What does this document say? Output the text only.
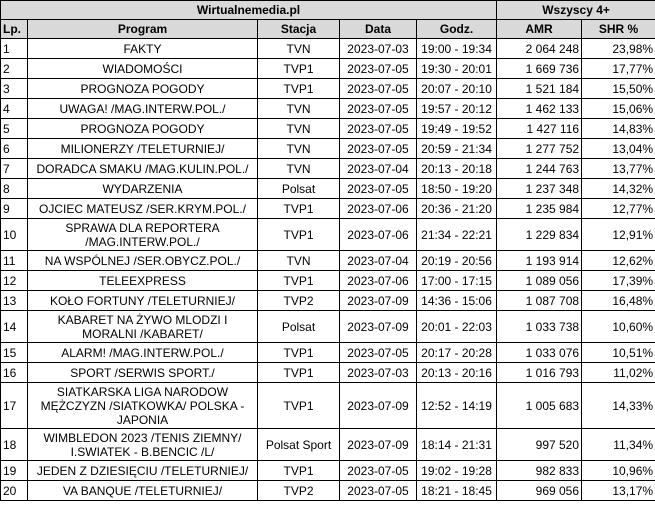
Wirtualnemedia.pl					Wszyscy 4+	
Lp.	Program	Stacja	Data	Godz.	AMR	SHR %
1	FAKTY	TVN	2023-07-03	19:00 - 19:34	2 064 248	23,98%
2	WIADOMOŚCI	TVP1	2023-07-05	19:30 - 20:01	1 669 736	17,77%
3	PROGNOZA POGODY	TVP1	2023-07-05	20:07 - 20:10	1 521 184	15,50%
4	UWAGA! /MAG.INTERW.POL./	TVN	2023-07-05	19:57 - 20:12	1 462 133	15,06%
5	PROGNOZA POGODY	TVN	2023-07-05	19:49 - 19:52	1 427 116	14,83%
6	MILIONERZY /TELETURNIEJ/	TVN	2023-07-05	20:59 - 21:34	1 277 752	13,04%
7	DORADCA SMAKU /MAG.KULIN.POL./	TVN	2023-07-04	20:13 - 20:18	1 244 763	13,77%
8	WYDARZENIA	Polsat	2023-07-05	18:50 - 19:20	1 237 348	14,32%
9	OJCIEC MATEUSZ /SER.KRYM.POL./	TVP1	2023-07-06	20:36 - 21:20	1 235 984	12,77%
10	SPRAWA DLA REPORTERA /MAG.INTERW.POL./	TVP1	2023-07-06	21:34 - 22:21	1 229 834	12,91%
11	NA WSPÓLNEJ /SER.OBYCZ.POL./	TVN	2023-07-04	20:19 - 20:56	1 193 914	12,62%
12	TELEEXPRESS	TVP1	2023-07-06	17:00 - 17:15	1 089 056	17,39%
13	KOŁO FORTUNY /TELETURNIEJ/	TVP2	2023-07-09	14:36 - 15:06	1 087 708	16,48%
14	KABARET NA ŻYWO MLODZI I MORALNI /KABARET/	Polsat	2023-07-09	20:01 - 22:03	1 033 738	10,60%
15	ALARM! /MAG.INTERW.POL./	TVP1	2023-07-05	20:17 - 20:28	1 033 076	10,51%
16	SPORT /SERWIS SPORT./	TVP1	2023-07-03	20:13 - 20:16	1 016 793	11,02%
17	SIATKARSKA LIGA NARODOW MĘŻCZYZN /SIATKOWKA/ POLSKA - JAPONIA	TVP1	2023-07-09	12:52 - 14:19	1 005 683	14,33%
18	WIMBLEDON 2023 /TENIS ZIEMNY/ I.SWIATEK - B.BENCIC /L/	Polsat Sport	2023-07-09	18:14 - 21:31	997 520	11,34%
19	JEDEN Z DZIESIĘCIU /TELETURNIEJ/	TVP1	2023-07-05	19:02 - 19:28	982 833	10,96%
20	VA BANQUE /TELETURNIEJ/	TVP2	2023-07-05	18:21 - 18:45	969 056	13,17%
